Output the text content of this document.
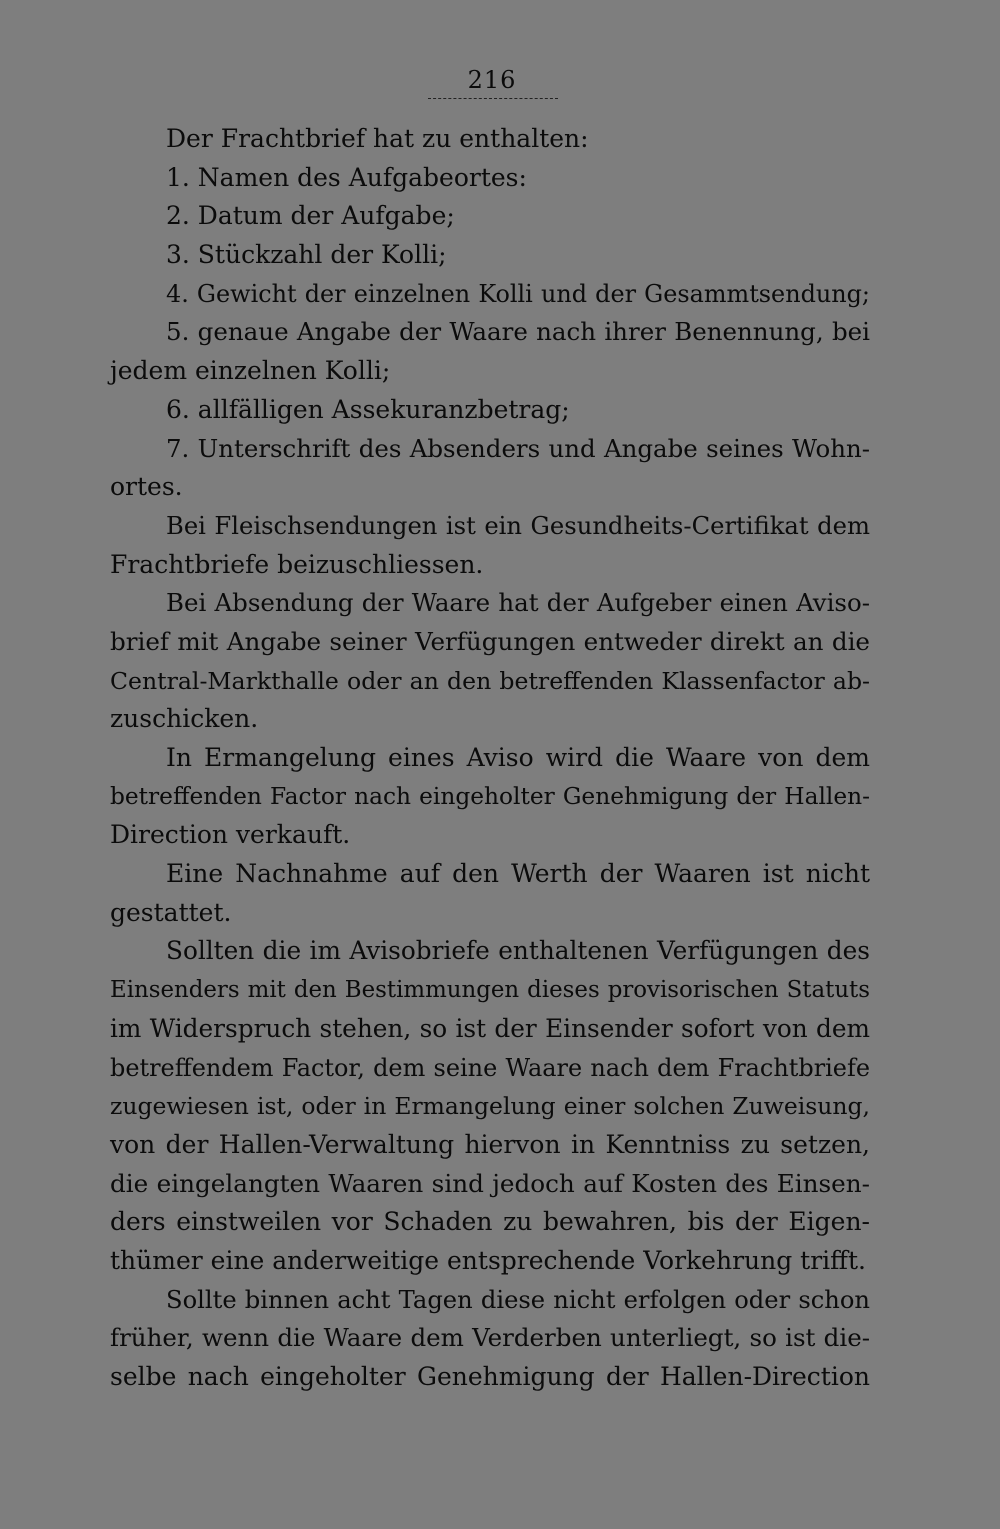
216
Der Frachtbrief hat zu enthalten:
1. Namen des Aufgabeortes:
2. Datum der Aufgabe;
3. Stückzahl der Kolli;
4. Gewicht der einzelnen Kolli und der Gesammtsendung;
5. genaue Angabe der Waare nach ihrer Benennung, bei
jedem einzelnen Kolli;
6. allfälligen Assekuranzbetrag;
7. Unterschrift des Absenders und Angabe seines Wohn-
ortes.
Bei Fleischsendungen ist ein Gesundheits-Certifikat dem
Frachtbriefe beizuschliessen.
Bei Absendung der Waare hat der Aufgeber einen Aviso-
brief mit Angabe seiner Verfügungen entweder direkt an die
Central-Markthalle oder an den betreffenden Klassenfactor ab-
zuschicken.
In Ermangelung eines Aviso wird die Waare von dem
betreffenden Factor nach eingeholter Genehmigung der Hallen-
Direction verkauft.
Eine Nachnahme auf den Werth der Waaren ist nicht
gestattet.
Sollten die im Avisobriefe enthaltenen Verfügungen des
Einsenders mit den Bestimmungen dieses provisorischen Statuts
im Widerspruch stehen, so ist der Einsender sofort von dem
betreffendem Factor, dem seine Waare nach dem Frachtbriefe
zugewiesen ist, oder in Ermangelung einer solchen Zuweisung,
von der Hallen-Verwaltung hiervon in Kenntniss zu setzen,
die eingelangten Waaren sind jedoch auf Kosten des Einsen-
ders einstweilen vor Schaden zu bewahren, bis der Eigen-
thümer eine anderweitige entsprechende Vorkehrung trifft.
Sollte binnen acht Tagen diese nicht erfolgen oder schon
früher, wenn die Waare dem Verderben unterliegt, so ist die-
selbe nach eingeholter Genehmigung der Hallen-Direction
